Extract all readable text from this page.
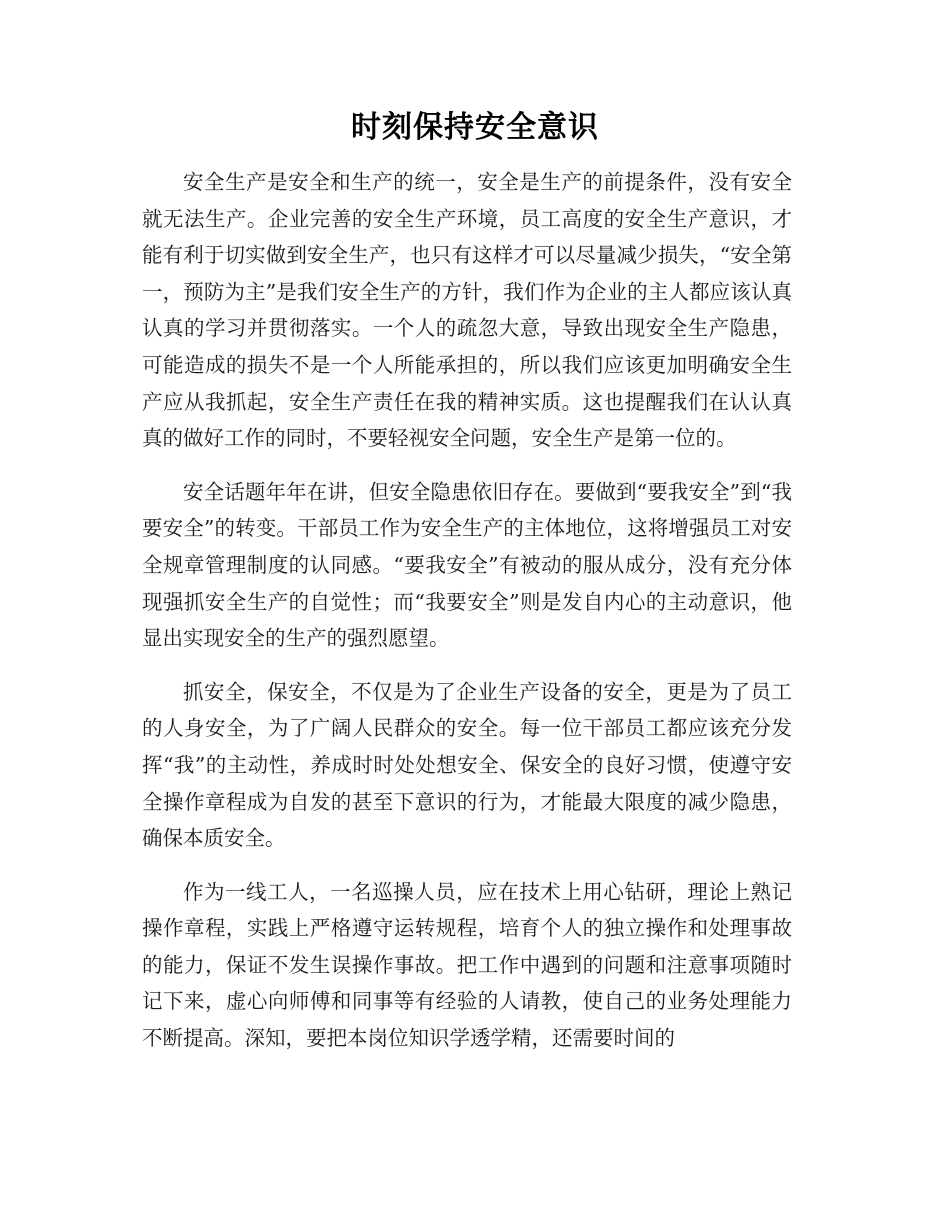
时刻保持安全意识

安全生产是安全和生产的统一，安全是生产的前提条件，没有安全就无法生产。企业完善的安全生产环境，员工高度的安全生产意识，才能有利于切实做到安全生产，也只有这样才可以尽量减少损失，“安全第一，预防为主”是我们安全生产的方针，我们作为企业的主人都应该认真认真的学习并贯彻落实。一个人的疏忽大意，导致出现安全生产隐患，可能造成的损失不是一个人所能承担的，所以我们应该更加明确安全生产应从我抓起，安全生产责任在我的精神实质。这也提醒我们在认认真真的做好工作的同时，不要轻视安全问题，安全生产是第一位的。

安全话题年年在讲，但安全隐患依旧存在。要做到“要我安全”到“我要安全”的转变。干部员工作为安全生产的主体地位，这将增强员工对安全规章管理制度的认同感。“要我安全”有被动的服从成分，没有充分体现强抓安全生产的自觉性；而“我要安全”则是发自内心的主动意识，他显出实现安全的生产的强烈愿望。

抓安全，保安全，不仅是为了企业生产设备的安全，更是为了员工的人身安全，为了广阔人民群众的安全。每一位干部员工都应该充分发挥“我”的主动性，养成时时处处想安全、保安全的良好习惯，使遵守安全操作章程成为自发的甚至下意识的行为，才能最大限度的减少隐患，确保本质安全。

作为一线工人，一名巡操人员，应在技术上用心钻研，理论上熟记操作章程，实践上严格遵守运转规程，培育个人的独立操作和处理事故的能力，保证不发生误操作事故。把工作中遇到的问题和注意事项随时记下来，虚心向师傅和同事等有经验的人请教，使自己的业务处理能力不断提高。深知，要把本岗位知识学透学精，还需要时间的
